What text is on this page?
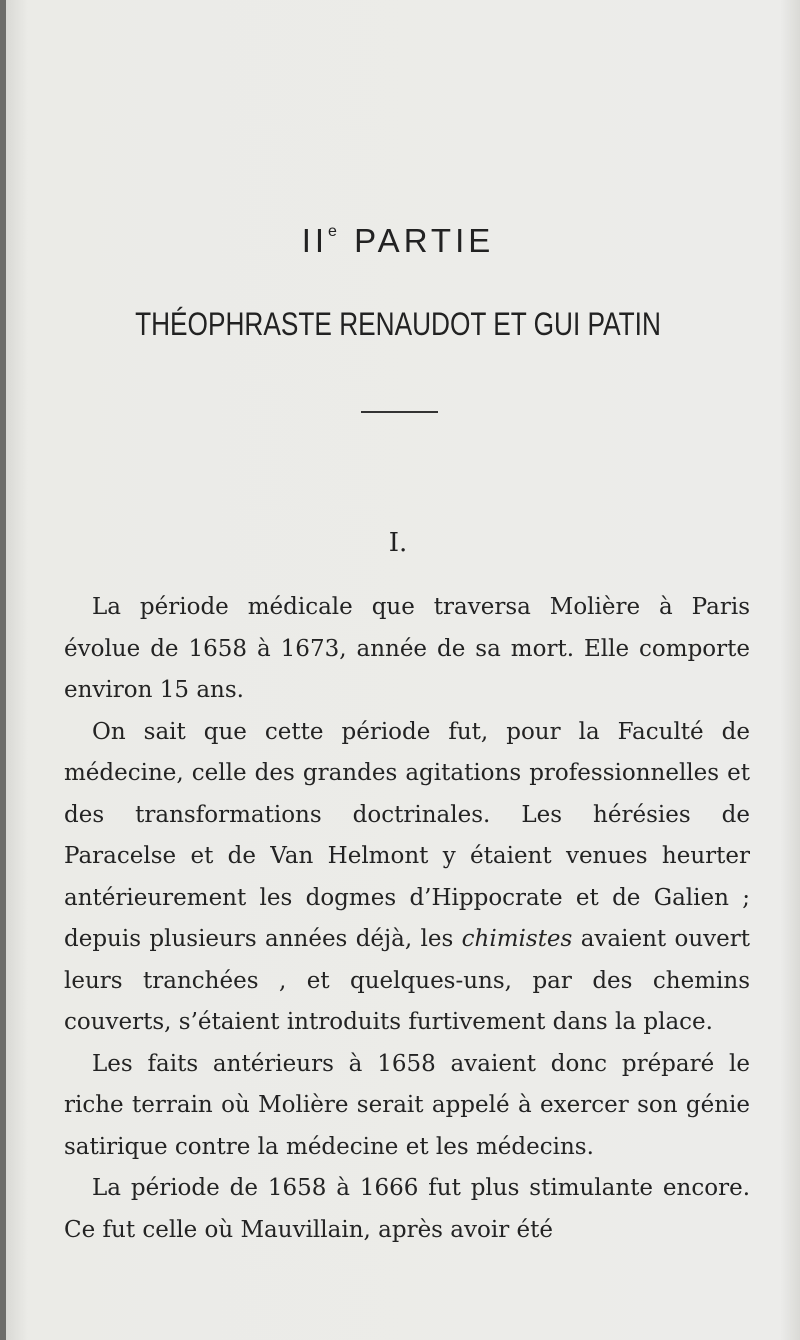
IIe PARTIE
THÉOPHRASTE RENAUDOT ET GUI PATIN
I.

La période médicale que traversa Molière à Paris évolue de 1658 à 1673, année de sa mort. Elle comporte environ 15 ans.

On sait que cette période fut, pour la Faculté de médecine, celle des grandes agitations professionnelles et des transformations doctrinales. Les hérésies de Paracelse et de Van Helmont y étaient venues heurter antérieurement les dogmes d’Hippocrate et de Galien ; depuis plusieurs années déjà, les chimistes avaient ouvert leurs tranchées , et quelques-uns, par des chemins couverts, s’étaient introduits furtivement dans la place.

Les faits antérieurs à 1658 avaient donc préparé le riche terrain où Molière serait appelé à exercer son génie satirique contre la médecine et les médecins.

La période de 1658 à 1666 fut plus stimulante encore. Ce fut celle où Mauvillain, après avoir été
